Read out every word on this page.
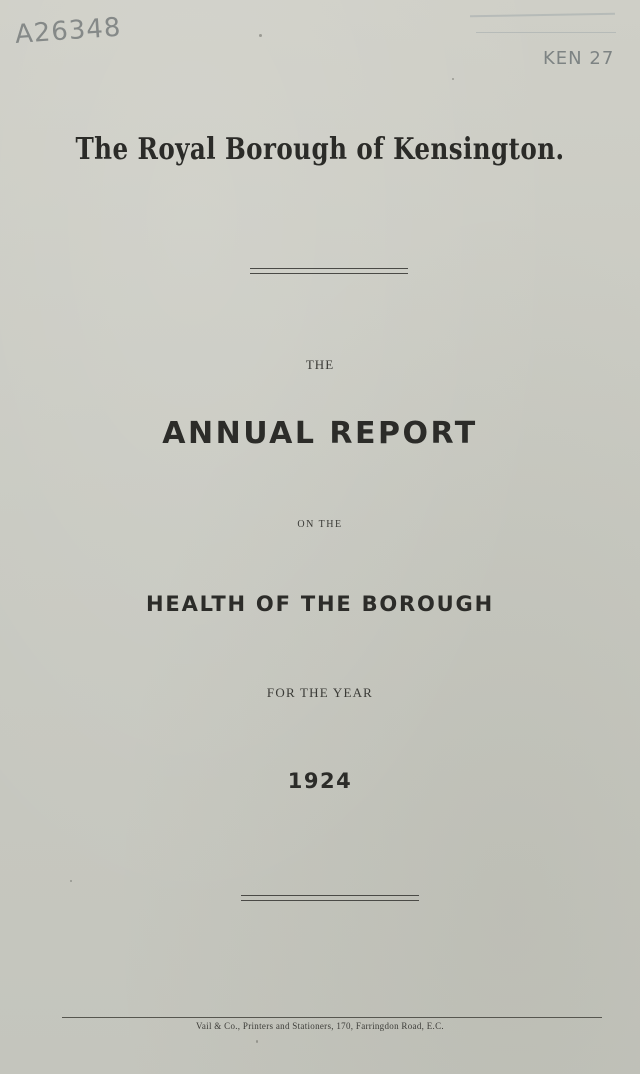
A26348
KEN 27
The Royal Borough of Kensington.
THE
ANNUAL REPORT
ON THE
HEALTH OF THE BOROUGH
FOR THE YEAR
1924
Vail & Co., Printers and Stationers, 170, Farringdon Road, E.C.
